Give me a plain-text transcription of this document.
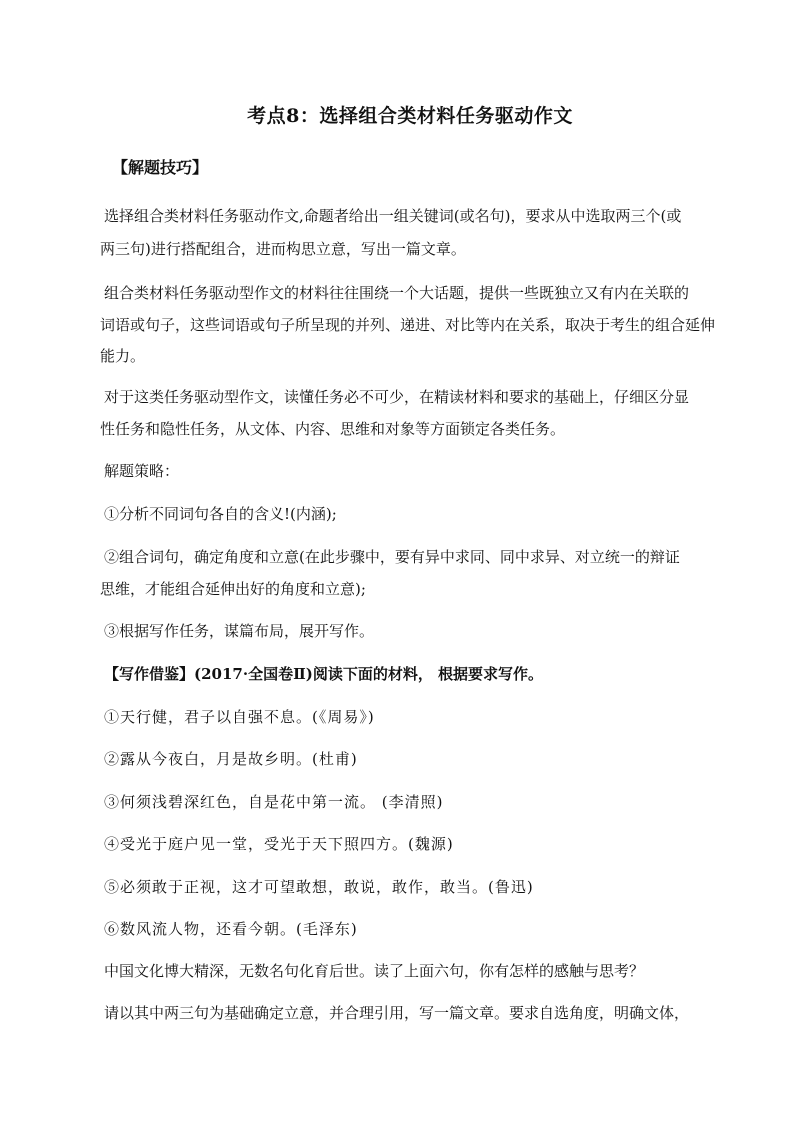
考点8：选择组合类材料任务驱动作文
【解题技巧】
选择组合类材料任务驱动作文,命题者给出一组关键词(或名句)，要求从中选取两三个(或
两三句)进行搭配组合，进而构思立意，写出一篇文章。
组合类材料任务驱动型作文的材料往往围绕一个大话题，提供一些既独立又有内在关联的
词语或句子，这些词语或句子所呈现的并列、递进、对比等内在关系，取决于考生的组合延伸
能力。
对于这类任务驱动型作文，读懂任务必不可少，在精读材料和要求的基础上，仔细区分显
性任务和隐性任务，从文体、内容、思维和对象等方面锁定各类任务。
解题策略：
①分析不同词句各自的含义!(内涵);
②组合词句，确定角度和立意(在此步骤中，要有异中求同、同中求异、对立统一的辩证
思维，才能组合延伸出好的角度和立意);
③根据写作任务，谋篇布局，展开写作。
【写作借鉴】(2017·全国卷Ⅱ)阅读下面的材料， 根据要求写作。
①天行健，君子以自强不息。(《周易》)
②露从今夜白，月是故乡明。(杜甫)
③何须浅碧深红色，自是花中第一流。 (李清照)
④受光于庭户见一堂，受光于天下照四方。(魏源)
⑤必须敢于正视，这才可望敢想，敢说，敢作，敢当。(鲁迅)
⑥数风流人物，还看今朝。(毛泽东)
中国文化博大精深，无数名句化育后世。读了上面六句，你有怎样的感触与思考？
请以其中两三句为基础确定立意，并合理引用，写一篇文章。要求自选角度，明确文体，
